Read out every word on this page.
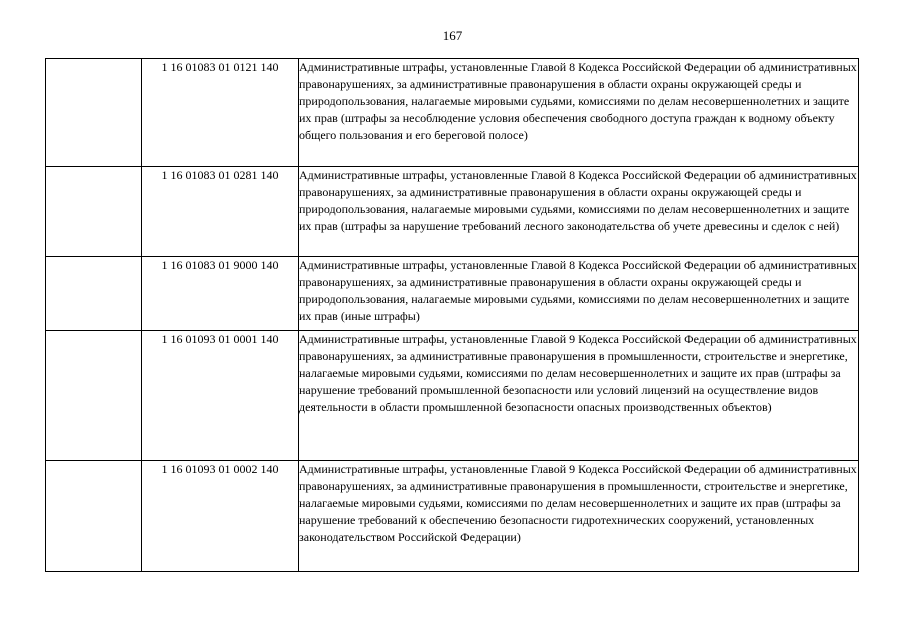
167
	1 16 01083 01 0121 140	Административные штрафы, установленные Главой 8 Кодекса Российской Федерации об административных правонарушениях, за административные правонарушения в области охраны окружающей среды и природопользования, налагаемые мировыми судьями, комиссиями по делам несовершеннолетних и защите их прав (штрафы за несоблюдение условия обеспечения свободного доступа граждан к водному объекту общего пользования и его береговой полосе)
	1 16 01083 01 0281 140	Административные штрафы, установленные Главой 8 Кодекса Российской Федерации об административных правонарушениях, за административные правонарушения в области охраны окружающей среды и природопользования, налагаемые мировыми судьями, комиссиями по делам несовершеннолетних и защите их прав (штрафы за нарушение требований лесного законодательства об учете древесины и сделок с ней)
	1 16 01083 01 9000 140	Административные штрафы, установленные Главой 8 Кодекса Российской Федерации об административных правонарушениях, за административные правонарушения в области охраны окружающей среды и природопользования, налагаемые мировыми судьями, комиссиями по делам несовершеннолетних и защите их прав (иные штрафы)
	1 16 01093 01 0001 140	Административные штрафы, установленные Главой 9 Кодекса Российской Федерации об административных правонарушениях, за административные правонарушения в промышленности, строительстве и энергетике, налагаемые мировыми судьями, комиссиями по делам несовершеннолетних и защите их прав (штрафы за нарушение требований промышленной безопасности или условий лицензий на осуществление видов деятельности в области промышленной безопасности опасных производственных объектов)
	1 16 01093 01 0002 140	Административные штрафы, установленные Главой 9 Кодекса Российской Федерации об административных правонарушениях, за административные правонарушения в промышленности, строительстве и энергетике, налагаемые мировыми судьями, комиссиями по делам несовершеннолетних и защите их прав (штрафы за нарушение требований к обеспечению безопасности гидротехнических сооружений, установленных законодательством Российской Федерации)
